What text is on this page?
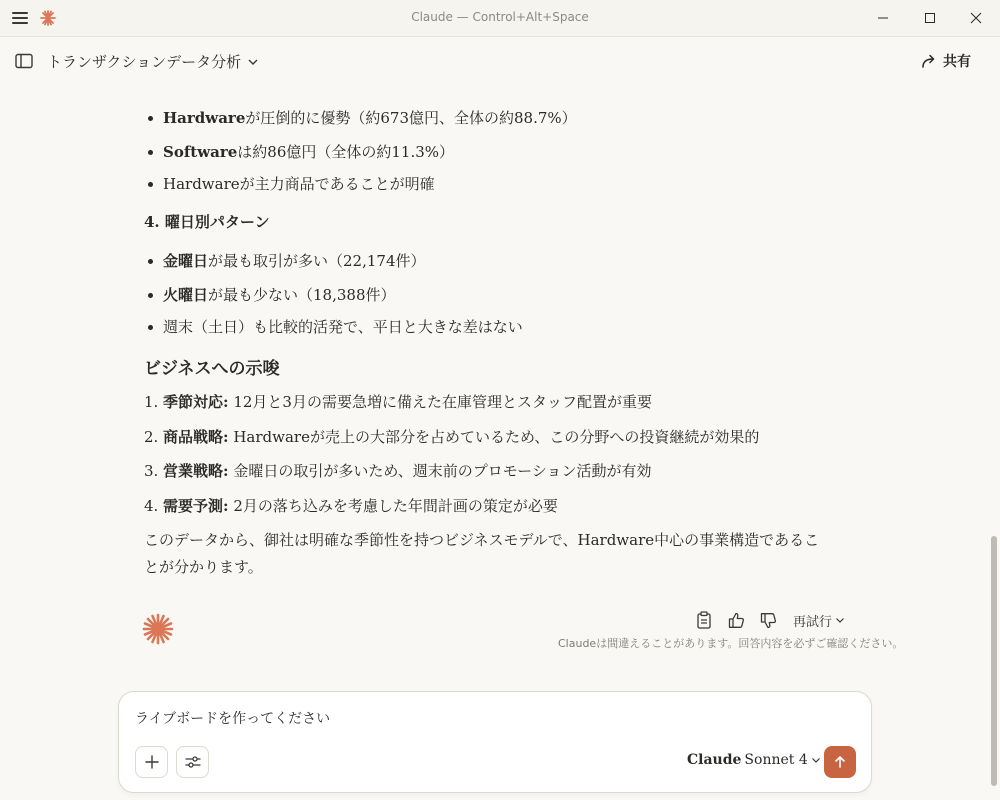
Claude — Control+Alt+Space
トランザクションデータ分析	共有
Hardwareが圧倒的に優勢（約673億円、全体の約88.7%）
Softwareは約86億円（全体の約11.3%）
Hardwareが主力商品であることが明確
4. 曜日別パターン
金曜日が最も取引が多い（22,174件）
火曜日が最も少ない（18,388件）
週末（土日）も比較的活発で、平日と大きな差はない
ビジネスへの示唆
1. 季節対応: 12月と3月の需要急増に備えた在庫管理とスタッフ配置が重要
2. 商品戦略: Hardwareが売上の大部分を占めているため、この分野への投資継続が効果的
3. 営業戦略: 金曜日の取引が多いため、週末前のプロモーション活動が有効
4. 需要予測: 2月の落ち込みを考慮した年間計画の策定が必要
このデータから、御社は明確な季節性を持つビジネスモデルで、Hardware中心の事業構造であることが分かります。
再試行
Claudeは間違えることがあります。回答内容を必ずご確認ください。
ライブボードを作ってください
Claude Sonnet 4
